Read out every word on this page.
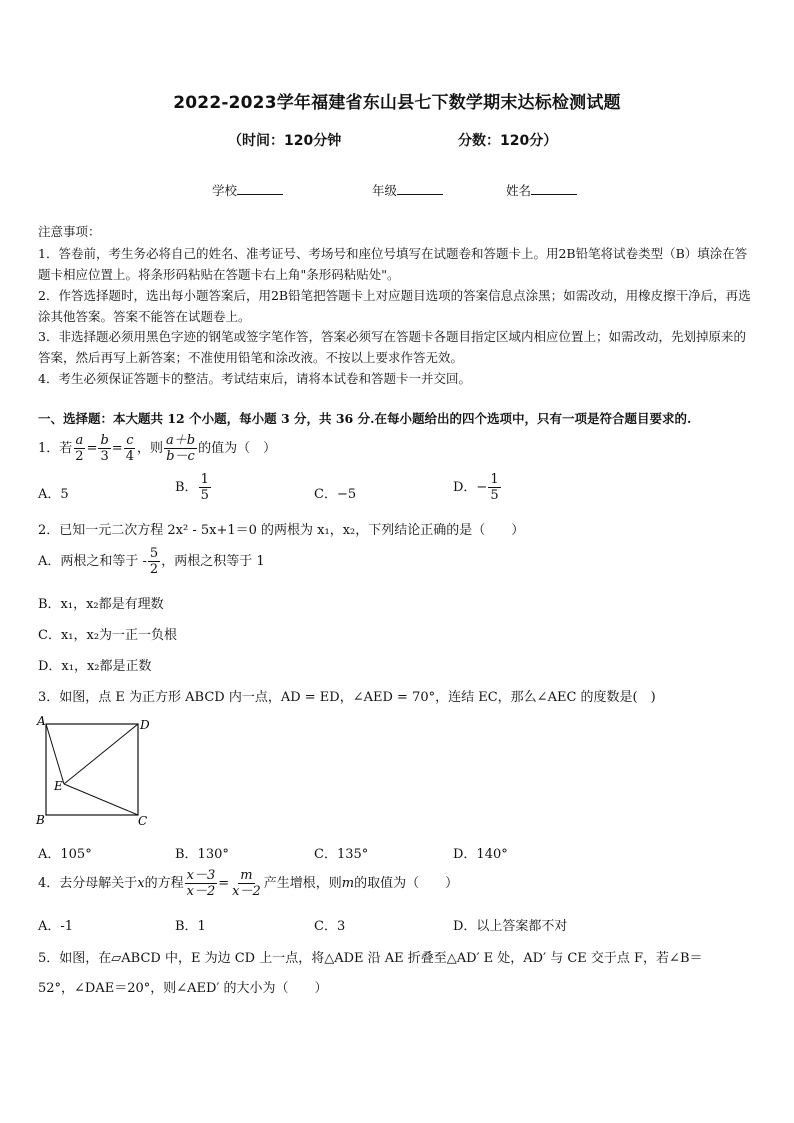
2022-2023学年福建省东山县七下数学期末达标检测试题
（时间：120分钟	分数：120分）
学校	年级	姓名
注意事项：
1．答卷前，考生务必将自己的姓名、准考证号、考场号和座位号填写在试题卷和答题卡上。用2B铅笔将试卷类型（B）填涂在答题卡相应位置上。将条形码粘贴在答题卡右上角"条形码粘贴处"。
2．作答选择题时，选出每小题答案后，用2B铅笔把答题卡上对应题目选项的答案信息点涂黑；如需改动，用橡皮擦干净后，再选涂其他答案。答案不能答在试题卷上。
3．非选择题必须用黑色字迹的钢笔或签字笔作答，答案必须写在答题卡各题目指定区域内相应位置上；如需改动，先划掉原来的答案，然后再写上新答案；不准使用铅笔和涂改液。不按以上要求作答无效。
4．考生必须保证答题卡的整洁。考试结束后，请将本试卷和答题卡一并交回。
一、选择题：本大题共 12 个小题，每小题 3 分，共 36 分.在每小题给出的四个选项中，只有一项是符合题目要求的.
1．若 $\frac{a}{2} = \frac{b}{3} = \frac{c}{4}$ ，则 $\frac{a+b}{b-c}$ 的值为（　）
A．5	B． $\frac{1}{5}$	C．−5	D．− $\frac{1}{5}$
2．已知一元二次方程 2x² - 5x+1＝0 的两根为 x₁，x₂，下列结论正确的是（　　）
A．两根之和等于 - $\frac{5}{2}$ ，两根之积等于 1
B．x₁，x₂都是有理数
C．x₁，x₂为一正一负根
D．x₁，x₂都是正数
3．如图，点 E 为正方形 ABCD 内一点，AD = ED，∠AED = 70°，连结 EC，那么∠AEC 的度数是(　)
A	D
E
B	C
A．105°	B．130°	C．135°	D．140°
4．去分母解关于x的方程 $\frac{x-3}{x-2} = \frac{m}{x-2}$ 产生增根，则m的取值为（　　）
A．-1	B．1	C．3	D．以上答案都不对
5．如图，在▱ABCD 中，E 为边 CD 上一点，将△ADE 沿 AE 折叠至△AD′ E 处，AD′ 与 CE 交于点 F，若∠B＝
52°，∠DAE＝20°，则∠AED′ 的大小为（　　）
